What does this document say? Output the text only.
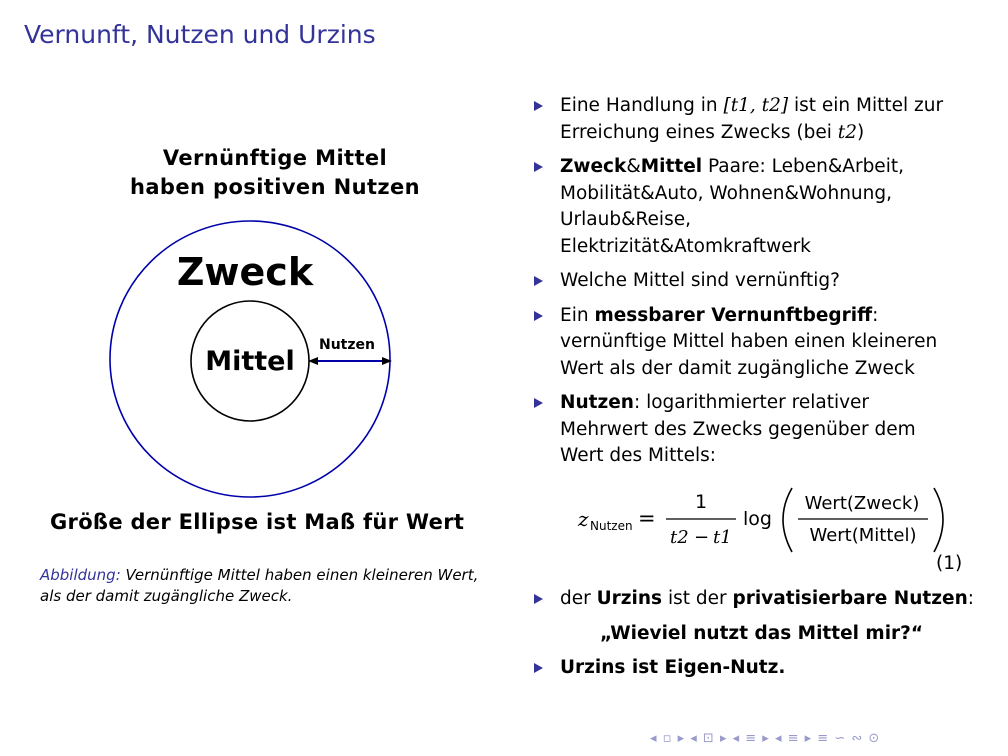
Vernunft, Nutzen und Urzins
Vernünftige Mittel
haben positiven Nutzen
Zweck
Mittel
Nutzen
Größe der Ellipse ist Maß für Wert
Abbildung: Vernünftige Mittel haben einen kleineren Wert, als der damit zugängliche Zweck.
Eine Handlung in [t1, t2] ist ein Mittel zur
Erreichung eines Zwecks (bei t2)
Zweck&Mittel Paare: Leben&Arbeit,
Mobilität&Auto, Wohnen&Wohnung,
Urlaub&Reise,
Elektrizität&Atomkraftwerk
Welche Mittel sind vernünftig?
Ein messbarer Vernunftbegriff:
vernünftige Mittel haben einen kleineren
Wert als der damit zugängliche Zweck
Nutzen: logarithmierter relativer
Mehrwert des Zwecks gegenüber dem
Wert des Mittels:
z Nutzen =
1
t2 − t1
log
Wert(Zweck)
Wert(Mittel)
(1)
der Urzins ist der privatisierbare Nutzen:
„Wieviel nutzt das Mittel mir?“
Urzins ist Eigen-Nutz.
◂ ▫ ▸ ◂ ⊡ ▸ ◂ ≡ ▸ ◂ ≡ ▸ ≡ ∽ ∾ ⊙
